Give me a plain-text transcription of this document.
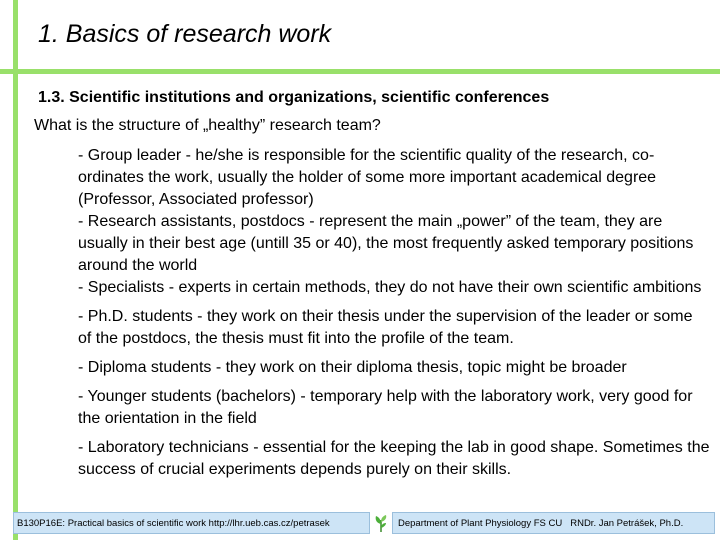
1. Basics of research work
1.3. Scientific institutions and organizations, scientific conferences
What is the structure of „healthy” research team?
- Group leader - he/she is responsible for the scientific quality of the research, co-ordinates the work, usually the holder of some more important academical degree (Professor, Associated professor)
- Research assistants, postdocs - represent the main „power” of the team, they are usually in their best age (untill 35 or 40), the most frequently asked temporary positions around the world
- Specialists - experts in certain methods, they do not have their own scientific ambitions
- Ph.D. students - they work on their thesis under the supervision of the leader or some of the postdocs, the thesis must fit into the profile of the team.
- Diploma students - they work on their diploma thesis, topic might be broader
- Younger students (bachelors) - temporary help with the laboratory work, very good for the orientation in the field
- Laboratory technicians - essential for the keeping the lab in good shape. Sometimes the success of crucial experiments depends purely on their skills.
B130P16E: Practical basics of scientific work http://lhr.ueb.cas.cz/petrasek	Department of Plant Physiology FS CU RNDr. Jan Petrášek, Ph.D.
